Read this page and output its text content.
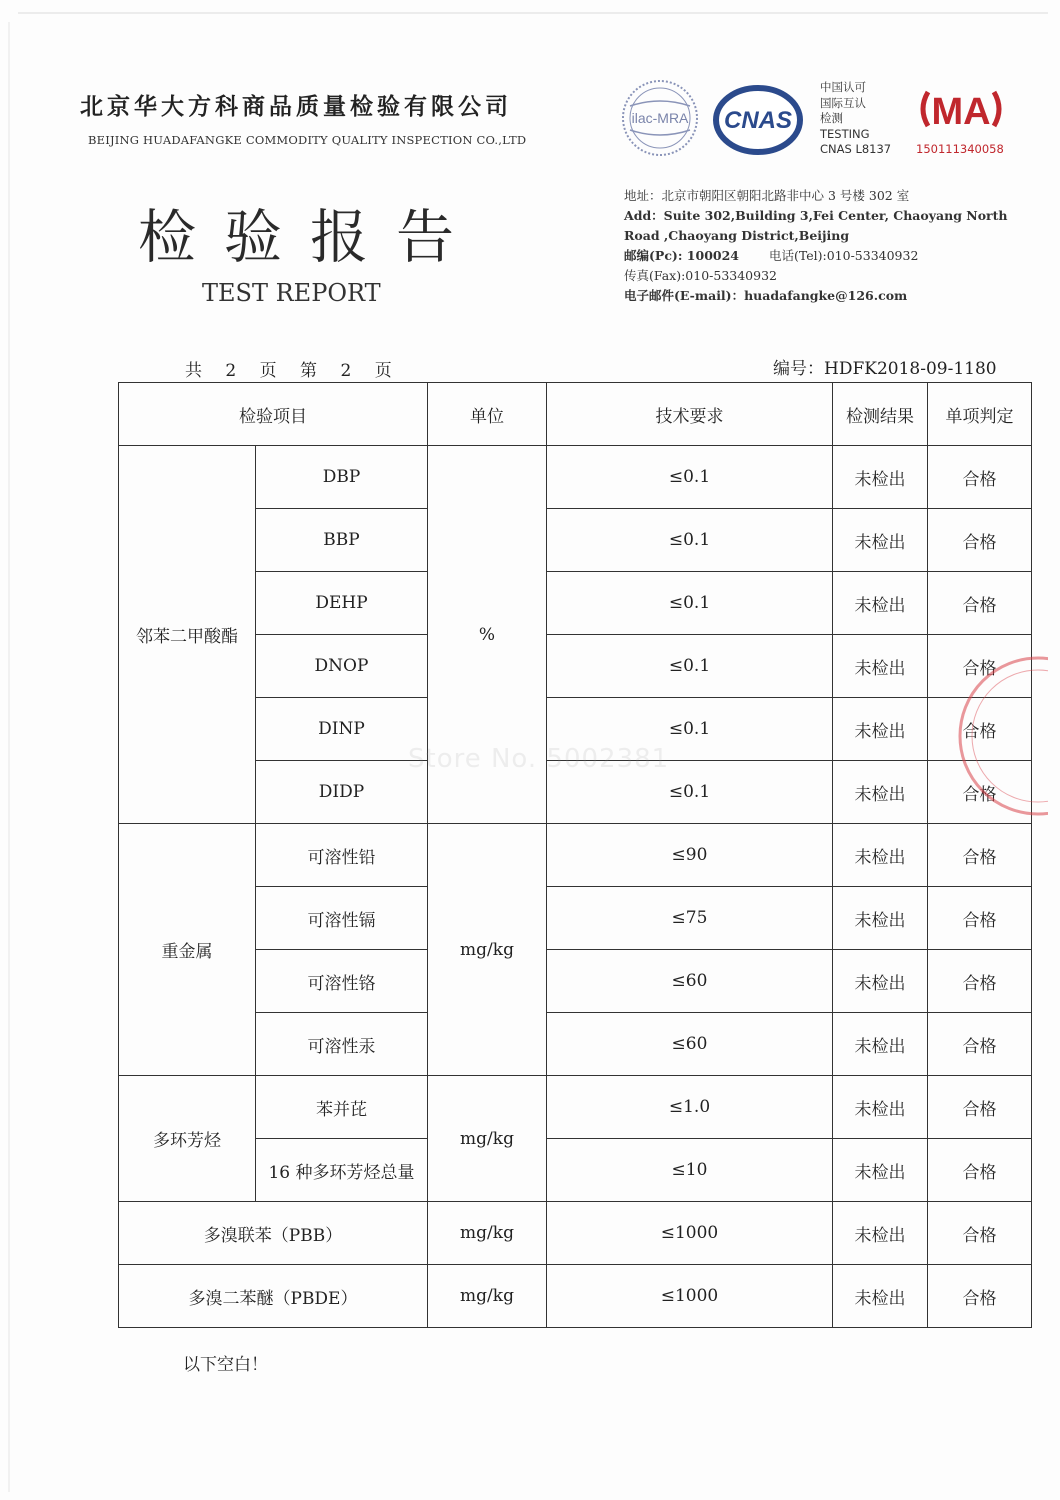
北京华大方科商品质量检验有限公司
BEIJING HUADAFANGKE COMMODITY QUALITY INSPECTION CO.,LTD
检验报告
TEST REPORT
ilac-MRA CNAS
中国认可
国际互认
检测
TESTING
CNAS L8137
MA
150111340058
地址：北京市朝阳区朝阳北路非中心 3 号楼 302 室
Add：Suite 302,Building 3,Fei Center, Chaoyang North
Road ,Chaoyang District,Beijing
邮编(Pc): 100024 电话(Tel):010-53340932
传真(Fax):010-53340932
电子邮件(E-mail)：huadafangke@126.com
共 2 页 第 2 页	编号：HDFK2018-09-1180
检验项目		单位	技术要求	检测结果	单项判定
邻苯二甲酸酯	DBP	%	≤0.1	未检出	合格
	BBP		≤0.1	未检出	合格
	DEHP		≤0.1	未检出	合格
	DNOP		≤0.1	未检出	合格
	DINP		≤0.1	未检出	合格
	DIDP		≤0.1	未检出	合格
重金属	可溶性铅	mg/kg	≤90	未检出	合格
	可溶性镉		≤75	未检出	合格
	可溶性铬		≤60	未检出	合格
	可溶性汞		≤60	未检出	合格
多环芳烃	苯并芘	mg/kg	≤1.0	未检出	合格
	16 种多环芳烃总量		≤10	未检出	合格
多溴联苯（PBB）		mg/kg	≤1000	未检出	合格
多溴二苯醚（PBDE）		mg/kg	≤1000	未检出	合格
以下空白！
Store No. 5002381
